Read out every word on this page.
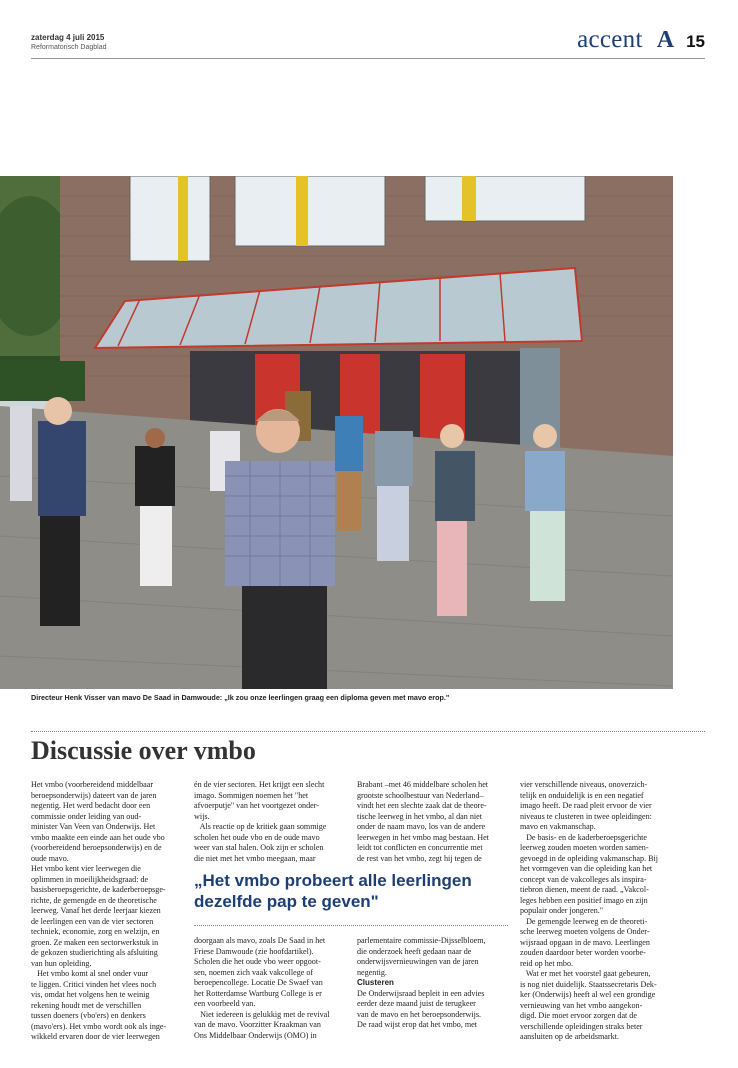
zaterdag 4 juli 2015
Reformatorisch Dagblad	accent A 15
Directeur Henk Visser van mavo De Saad in Damwoude: „Ik zou onze leerlingen graag een diploma geven met mavo erop."
Discussie over vmbo
Het vmbo (voorbereidend middelbaar
beroepsonderwijs) dateert van de jaren
negentig. Het werd bedacht door een
commissie onder leiding van oud-
minister Van Veen van Onderwijs. Het
vmbo maakte een einde aan het oude vbo
(voorbereidend beroepsonderwijs) en de
oude mavo.
Het vmbo kent vier leerwegen die
oplimmen in moeilijkheidsgraad: de
basisberoepsgerichte, de kaderberoepsge-
richte, de gemengde en de theoretische
leerweg. Vanaf het derde leerjaar kiezen
de leerlingen een van de vier sectoren
techniek, economie, zorg en welzijn, en
groen. Ze maken een sectorwerkstuk in
de gekozen studierichting als afsluiting
van hun opleiding.
Het vmbo komt al snel onder vuur
te liggen. Critici vinden het vlees noch
vis, omdat het volgens hen te weinig
rekening houdt met de verschillen
tussen doeners (vbo'ers) en denkers
(mavo'ers). Het vmbo wordt ook als inge-
wikkeld ervaren door de vier leerwegen
én de vier sectoren. Het krijgt een slecht
imago. Sommigen noemen het "het
afvoerputje" van het voortgezet onder-
wijs.
Als reactie op de kritiek gaan sommige
scholen het oude vbo en de oude mavo
weer van stal halen. Ook zijn er scholen
die niet met het vmbo meegaan, maar
Brabant –met 46 middelbare scholen het
grootste schoolbestuur van Nederland–
vindt het een slechte zaak dat de theore-
tische leerweg in het vmbo, al dan niet
onder de naam mavo, los van de andere
leerwegen in het vmbo mag bestaan. Het
leidt tot conflicten en concurrentie met
de rest van het vmbo, zegt hij tegen de
vier verschillende niveaus, onoverzich-
telijk en onduidelijk is en een negatief
imago heeft. De raad pleit ervoor de vier
niveaus te clusteren in twee opleidingen:
mavo en vakmanschap.
De basis- en de kaderberoepsgerichte
leerweg zouden moeten worden samen-
gevoegd in de opleiding vakmanschap. Bij
het vormgeven van die opleiding kan het
concept van de vakcolleges als inspira-
tiebron dienen, meent de raad. „Vakcol-
leges hebben een positief imago en zijn
populair onder jongeren."
De gemengde leerweg en de theoreti-
sche leerweg moeten volgens de Onder-
wijsraad opgaan in de mavo. Leerlingen
zouden daardoor beter worden voorbe-
reid op het mbo.
Wat er met het voorstel gaat gebeuren,
is nog niet duidelijk. Staatssecretaris Dek-
ker (Onderwijs) heeft al wel een grondige
vernieuwing van het vmbo aangekon-
digd. Die moet ervoor zorgen dat de
verschillende opleidingen straks beter
aansluiten op de arbeidsmarkt.
„Het vmbo probeert alle leerlingen dezelfde pap te geven"
doorgaan als mavo, zoals De Saad in het
Friese Damwoude (zie hoofdartikel).
Scholen die het oude vbo weer opgoot-
sen, noemen zich vaak vakcollege of
beroepencollege. Locatie De Swaef van
het Rotterdamse Wartburg College is er
een voorbeeld van.
Niet iedereen is gelukkig met de revival
van de mavo. Voorzitter Kraakman van
Ons Middelbaar Onderwijs (OMO) in
parlementaire commissie-Dijsselbloem,
die onderzoek heeft gedaan naar de
onderwijsvernieuwingen van de jaren
negentig.
Clusteren
De Onderwijsraad bepleit in een advies
eerder deze maand juist de terugkeer
van de mavo en het beroepsonderwijs.
De raad wijst erop dat het vmbo, met
